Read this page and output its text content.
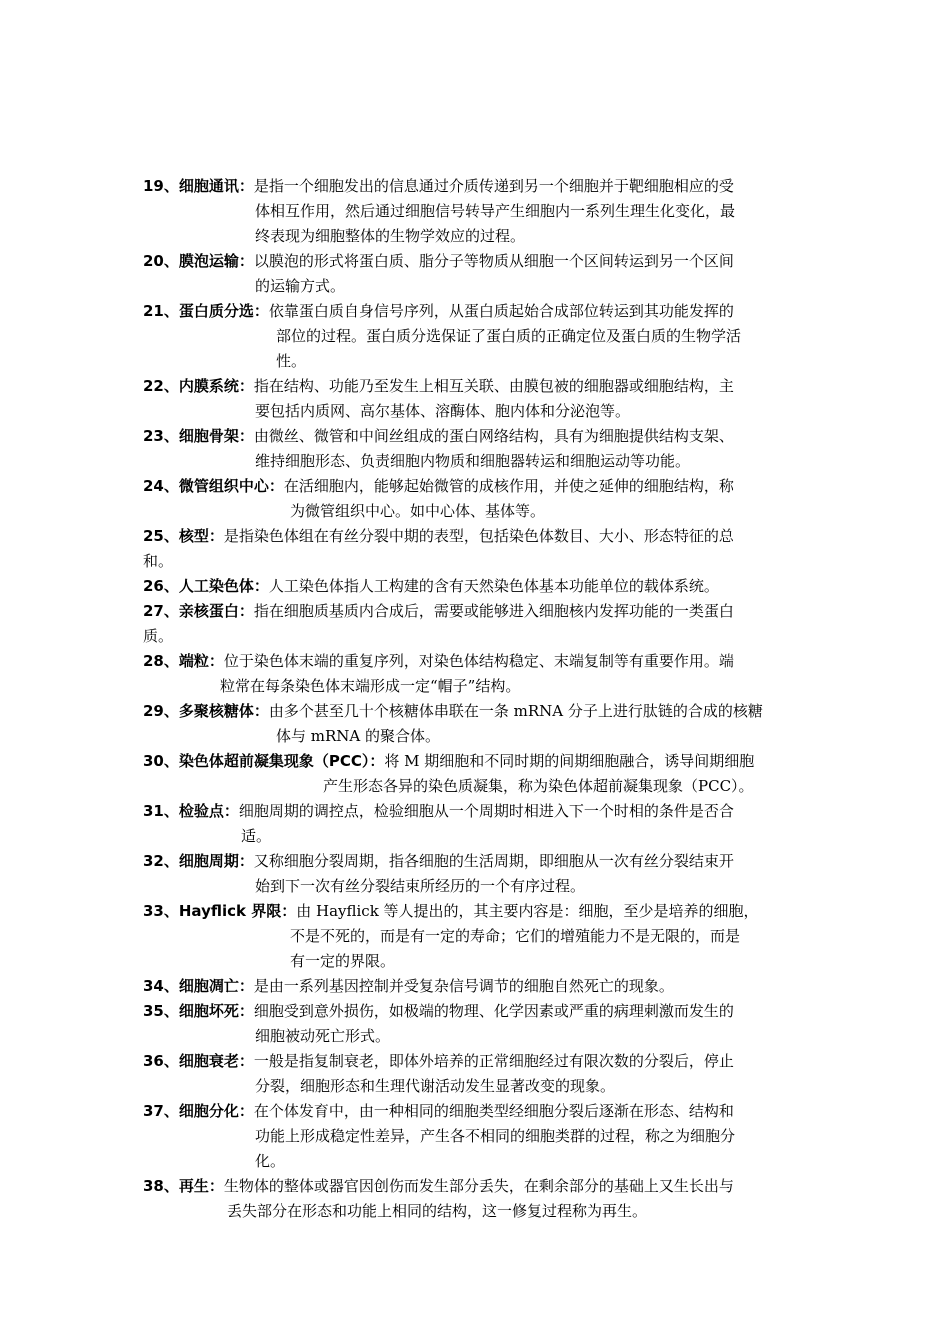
19、细胞通讯：是指一个细胞发出的信息通过介质传递到另一个细胞并于靶细胞相应的受

体相互作用，然后通过细胞信号转导产生细胞内一系列生理生化变化，最

终表现为细胞整体的生物学效应的过程。

20、膜泡运输：以膜泡的形式将蛋白质、脂分子等物质从细胞一个区间转运到另一个区间

的运输方式。

21、蛋白质分选：依靠蛋白质自身信号序列，从蛋白质起始合成部位转运到其功能发挥的

部位的过程。蛋白质分选保证了蛋白质的正确定位及蛋白质的生物学活

性。

22、内膜系统：指在结构、功能乃至发生上相互关联、由膜包被的细胞器或细胞结构，主

要包括内质网、高尔基体、溶酶体、胞内体和分泌泡等。

23、细胞骨架：由微丝、微管和中间丝组成的蛋白网络结构，具有为细胞提供结构支架、

维持细胞形态、负责细胞内物质和细胞器转运和细胞运动等功能。

24、微管组织中心：在活细胞内，能够起始微管的成核作用，并使之延伸的细胞结构，称

为微管组织中心。如中心体、基体等。

25、核型：是指染色体组在有丝分裂中期的表型，包括染色体数目、大小、形态特征的总

和。

26、人工染色体：人工染色体指人工构建的含有天然染色体基本功能单位的载体系统。

27、亲核蛋白：指在细胞质基质内合成后，需要或能够进入细胞核内发挥功能的一类蛋白

质。

28、端粒：位于染色体末端的重复序列，对染色体结构稳定、末端复制等有重要作用。端

粒常在每条染色体末端形成一定“帽子”结构。

29、多聚核糖体：由多个甚至几十个核糖体串联在一条 mRNA 分子上进行肽链的合成的核糖

体与 mRNA 的聚合体。

30、染色体超前凝集现象（PCC）：将 M 期细胞和不同时期的间期细胞融合，诱导间期细胞

产生形态各异的染色质凝集，称为染色体超前凝集现象（PCC）。

31、检验点：细胞周期的调控点，检验细胞从一个周期时相进入下一个时相的条件是否合

适。

32、细胞周期：又称细胞分裂周期，指各细胞的生活周期，即细胞从一次有丝分裂结束开

始到下一次有丝分裂结束所经历的一个有序过程。

33、Hayflick 界限：由 Hayflick 等人提出的，其主要内容是：细胞，至少是培养的细胞，

不是不死的，而是有一定的寿命；它们的增殖能力不是无限的，而是

有一定的界限。

34、细胞凋亡：是由一系列基因控制并受复杂信号调节的细胞自然死亡的现象。

35、细胞坏死：细胞受到意外损伤，如极端的物理、化学因素或严重的病理刺激而发生的

细胞被动死亡形式。

36、细胞衰老：一般是指复制衰老，即体外培养的正常细胞经过有限次数的分裂后，停止

分裂，细胞形态和生理代谢活动发生显著改变的现象。

37、细胞分化：在个体发育中，由一种相同的细胞类型经细胞分裂后逐渐在形态、结构和

功能上形成稳定性差异，产生各不相同的细胞类群的过程，称之为细胞分

化。

38、再生：生物体的整体或器官因创伤而发生部分丢失，在剩余部分的基础上又生长出与

丢失部分在形态和功能上相同的结构，这一修复过程称为再生。
